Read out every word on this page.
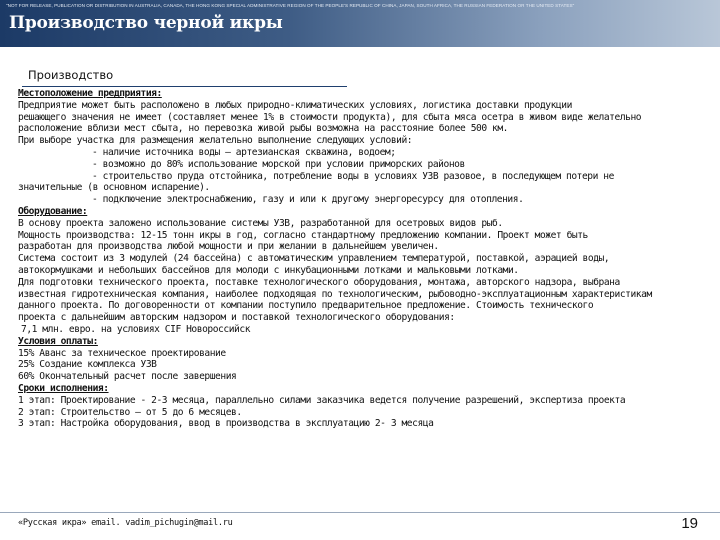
"NOT FOR RELEASE, PUBLICATION OR DISTRIBUTION IN AUSTRALIA, CANADA, THE HONG KONG SPECIAL ADMINISTRATIVE REGION OF THE PEOPLE'S REPUBLIC OF CHINA, JAPAN, SOUTH AFRICA, THE RUSSIAN FEDERATION OR THE UNITED STATES"
Производство черной икры
Производство
Местоположение предприятия:
Предприятие может быть расположено в любых природно-климатических условиях, логистика доставки продукции
решающего значения не имеет (составляет менее 1% в стоимости продукта), для сбыта мяса осетра в живом виде желательно
расположение вблизи мест сбыта, но перевозка живой рыбы возможна на расстояние более 500 км.
При выборе участка для размещения желательно выполнение следующих условий:
- наличие источника воды – артезианская скважина, водоем;
- возможно до 80% использование морской при условии приморских районов
- строительство пруда отстойника, потребление воды в условиях УЗВ разовое, в последующем потери не
значительные (в основном испарение).
- подключение электроснабжению, газу и или к другому энергоресурсу для отопления.
Оборудование:
В основу проекта заложено использование системы УЗВ, разработанной для осетровых видов рыб.
Мощность производства: 12-15 тонн икры в год, согласно стандартному предложению компании. Проект может быть
разработан для производства любой мощности и при желании в дальнейшем увеличен.
Система состоит из 3 модулей (24 бассейна) с автоматическим управлением температурой, поставкой, аэрацией воды,
автокормушками и небольших бассейнов для молоди с инкубационными лотками и мальковыми лотками.
Для подготовки технического проекта, поставке технологического оборудования, монтажа, авторского надзора, выбрана
известная гидротехническая компания, наиболее подходящая по технологическим, рыбоводно-эксплуатационным характеристикам
данного проекта. По договоренности от компании поступило предварительное предложение. Стоимость технического
проекта с дальнейшим авторским надзором и поставкой технологического оборудования:
7,1 млн. евро. на условиях CIF Новороссийск
Условия оплаты:
15% Аванс за техническое проектирование
25% Создание комплекса УЗВ
60% Окончательный расчет после завершения
Сроки исполнения:
1 этап: Проектирование - 2-3 месяца, параллельно силами заказчика ведется получение разрешений, экспертиза проекта
2 этап: Строительство – от 5 до 6 месяцев.
3 этап: Настройка оборудования, ввод в производства в эксплуатацию 2- 3 месяца
«Русская икра» email. vadim_pichugin@mail.ru	19
